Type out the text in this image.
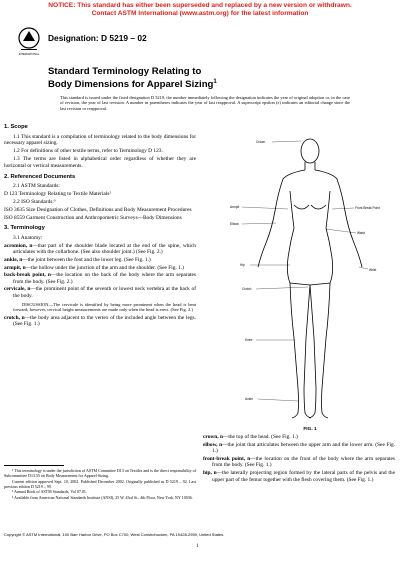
NOTICE: This standard has either been superseded and replaced by a new version or withdrawn.
Contact ASTM International (www.astm.org) for the latest information
INTERNATIONAL
Designation: D 5219 – 02
Standard Terminology Relating to
Body Dimensions for Apparel Sizing$^1$
This standard is issued under the fixed designation D 5219; the number immediately following the designation indicates the year of original adoption or, in the case of revision, the year of last revision. A number in parentheses indicates the year of last reapproval. A superscript epsilon (ε) indicates an editorial change since the last revision or reapproval.
1. Scope
1.1 This standard is a compilation of terminology related to the body dimensions for necessary apparel sizing.
1.2 For definitions of other textile terms, refer to Terminology D 123.
1.3 The terms are listed in alphabetical order regardless of whether they are horizontal or vertical measurements.
2. Referenced Documents
2.1 ASTM Standards:
D 123 Terminology Relating to Textile Materials²
2.2 ISO Standards:³
ISO 3635 Size Designation of Clothes, Definitions and Body Measurement Procedures
ISO 8559 Garment Construction and Anthropometric Surveys—Body Dimensions
3. Terminology
3.1 Anatomy:
acromion, n—that part of the shoulder blade located at the end of the spine, which articulates with the collarbone. (See also shoulder joint.) (See Fig. 2.)
ankle, n—the joint between the foot and the lower leg. (See Fig. 1.)
armpit, n—the hollow under the junction of the arm and the shoulder. (See Fig. 1.)
back-break point, n—the location on the back of the body where the arm separates from the body. (See Fig. 2.)
cervicale, n—the prominent point of the seventh or lowest neck vertebra at the back of the body.
DISCUSSION—The cervicale is identified by being more prominent when the head is bent forward; however, cervical height measurements are made only when the head is erect. (See Fig. 2.)
crotch, n—the body area adjacent to the vertex of the included angle between the legs. (See Fig. 1.)
¹ This terminology is under the jurisdiction of ASTM Committee D13 on Textiles and is the direct responsibility of Subcommittee D13.55 on Body Measurement for Apparel Sizing.
Current edition approved Sept. 10, 2002. Published December 2002. Originally published as D 5219 – 92. Last previous edition D 5219 – 99.
² Annual Book of ASTM Standards, Vol 07.01.
³ Available from American National Standards Institute (ANSI), 25 W. 43rd St., 4th Floor, New York, NY 10036.
Crown
Armpit
Elbow
Front Break Point
Waist
Hip
Wrist
Crotch
Knee
Ankle
FIG. 1
crown, n—the top of the head. (See Fig. 1.)
elbow, n—the joint that articulates between the upper arm and the lower arm. (See Fig. 1.)
front-break point, n—the location on the front of the body where the arm separates from the body. (See Fig. 1.)
hip, n—the laterally projecting region formed by the lateral parts of the pelvis and the upper part of the femur together with the flesh covering them. (See Fig. 1.)
Copyright © ASTM International, 100 Barr Harbor Drive, PO Box C700, West Conshohocken, PA 19428-2959, United States.
1
